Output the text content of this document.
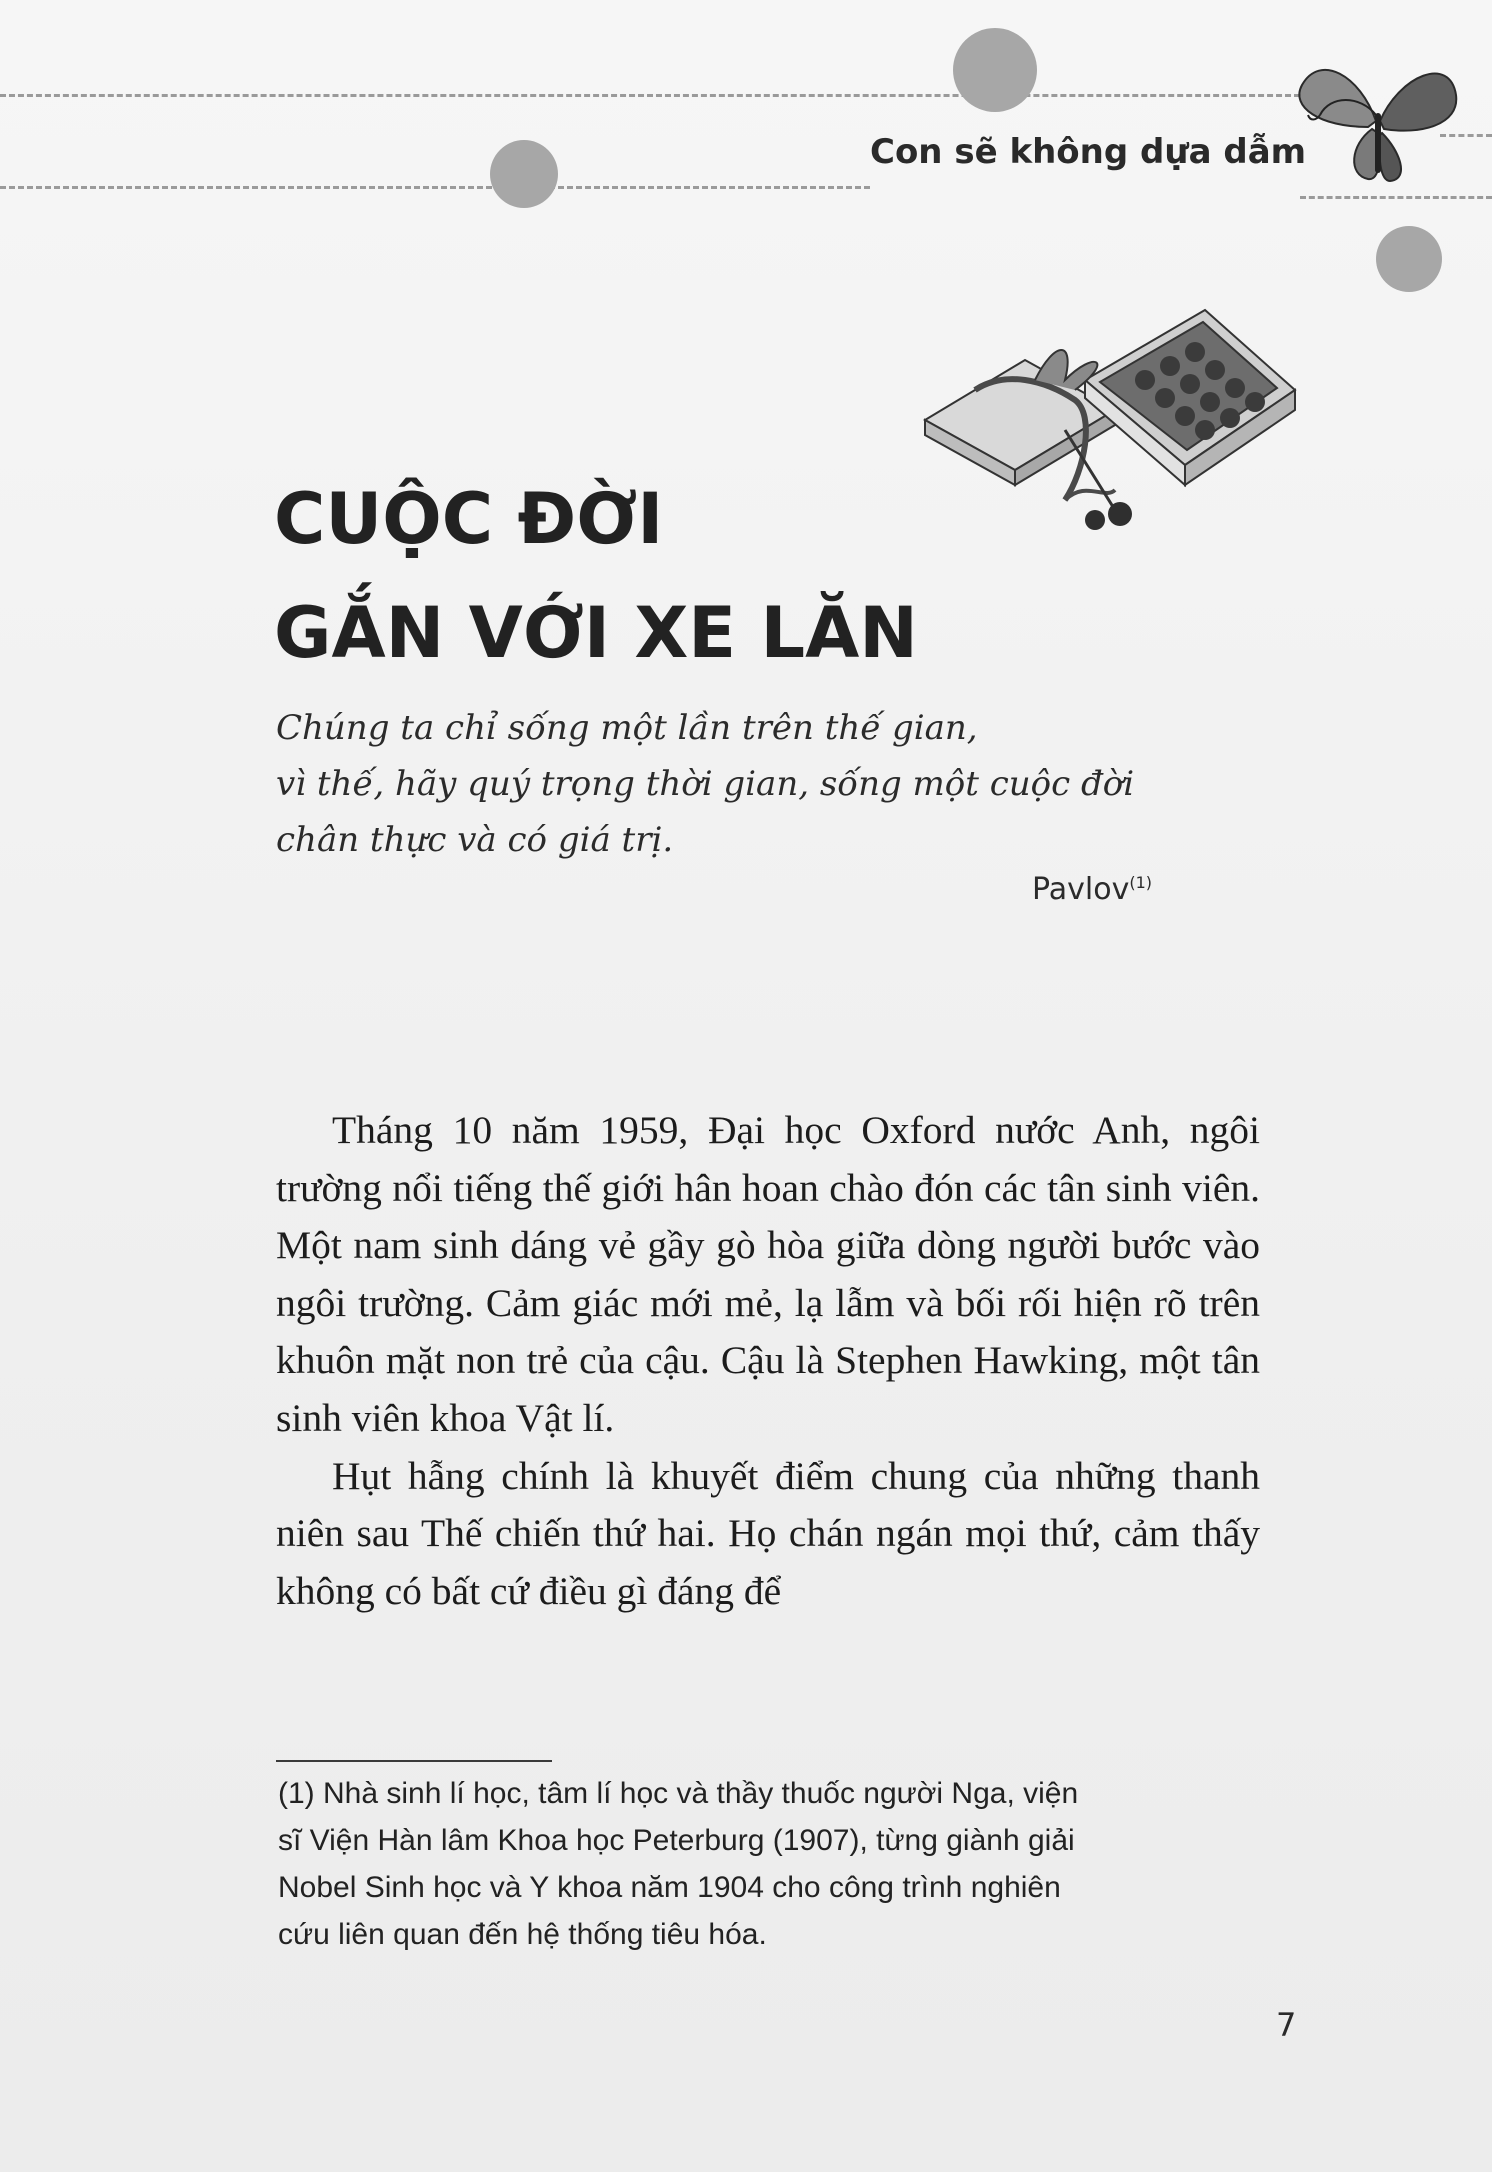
Con sẽ không dựa dẫm
CUỘC ĐỜI
GẮN VỚI XE LĂN
Chúng ta chỉ sống một lần trên thế gian,
vì thế, hãy quý trọng thời gian, sống một cuộc đời
chân thực và có giá trị.
Pavlov$^{(1)}$

Tháng 10 năm 1959, Đại học Oxford nước Anh, ngôi trường nổi tiếng thế giới hân hoan chào đón các tân sinh viên. Một nam sinh dáng vẻ gầy gò hòa giữa dòng người bước vào ngôi trường. Cảm giác mới mẻ, lạ lẫm và bối rối hiện rõ trên khuôn mặt non trẻ của cậu. Cậu là Stephen Hawking, một tân sinh viên khoa Vật lí.

Hụt hẫng chính là khuyết điểm chung của những thanh niên sau Thế chiến thứ hai. Họ chán ngán mọi thứ, cảm thấy không có bất cứ điều gì đáng để

(1) Nhà sinh lí học, tâm lí học và thầy thuốc người Nga, viện
sĩ Viện Hàn lâm Khoa học Peterburg (1907), từng giành giải
Nobel Sinh học và Y khoa năm 1904 cho công trình nghiên
cứu liên quan đến hệ thống tiêu hóa.
7
